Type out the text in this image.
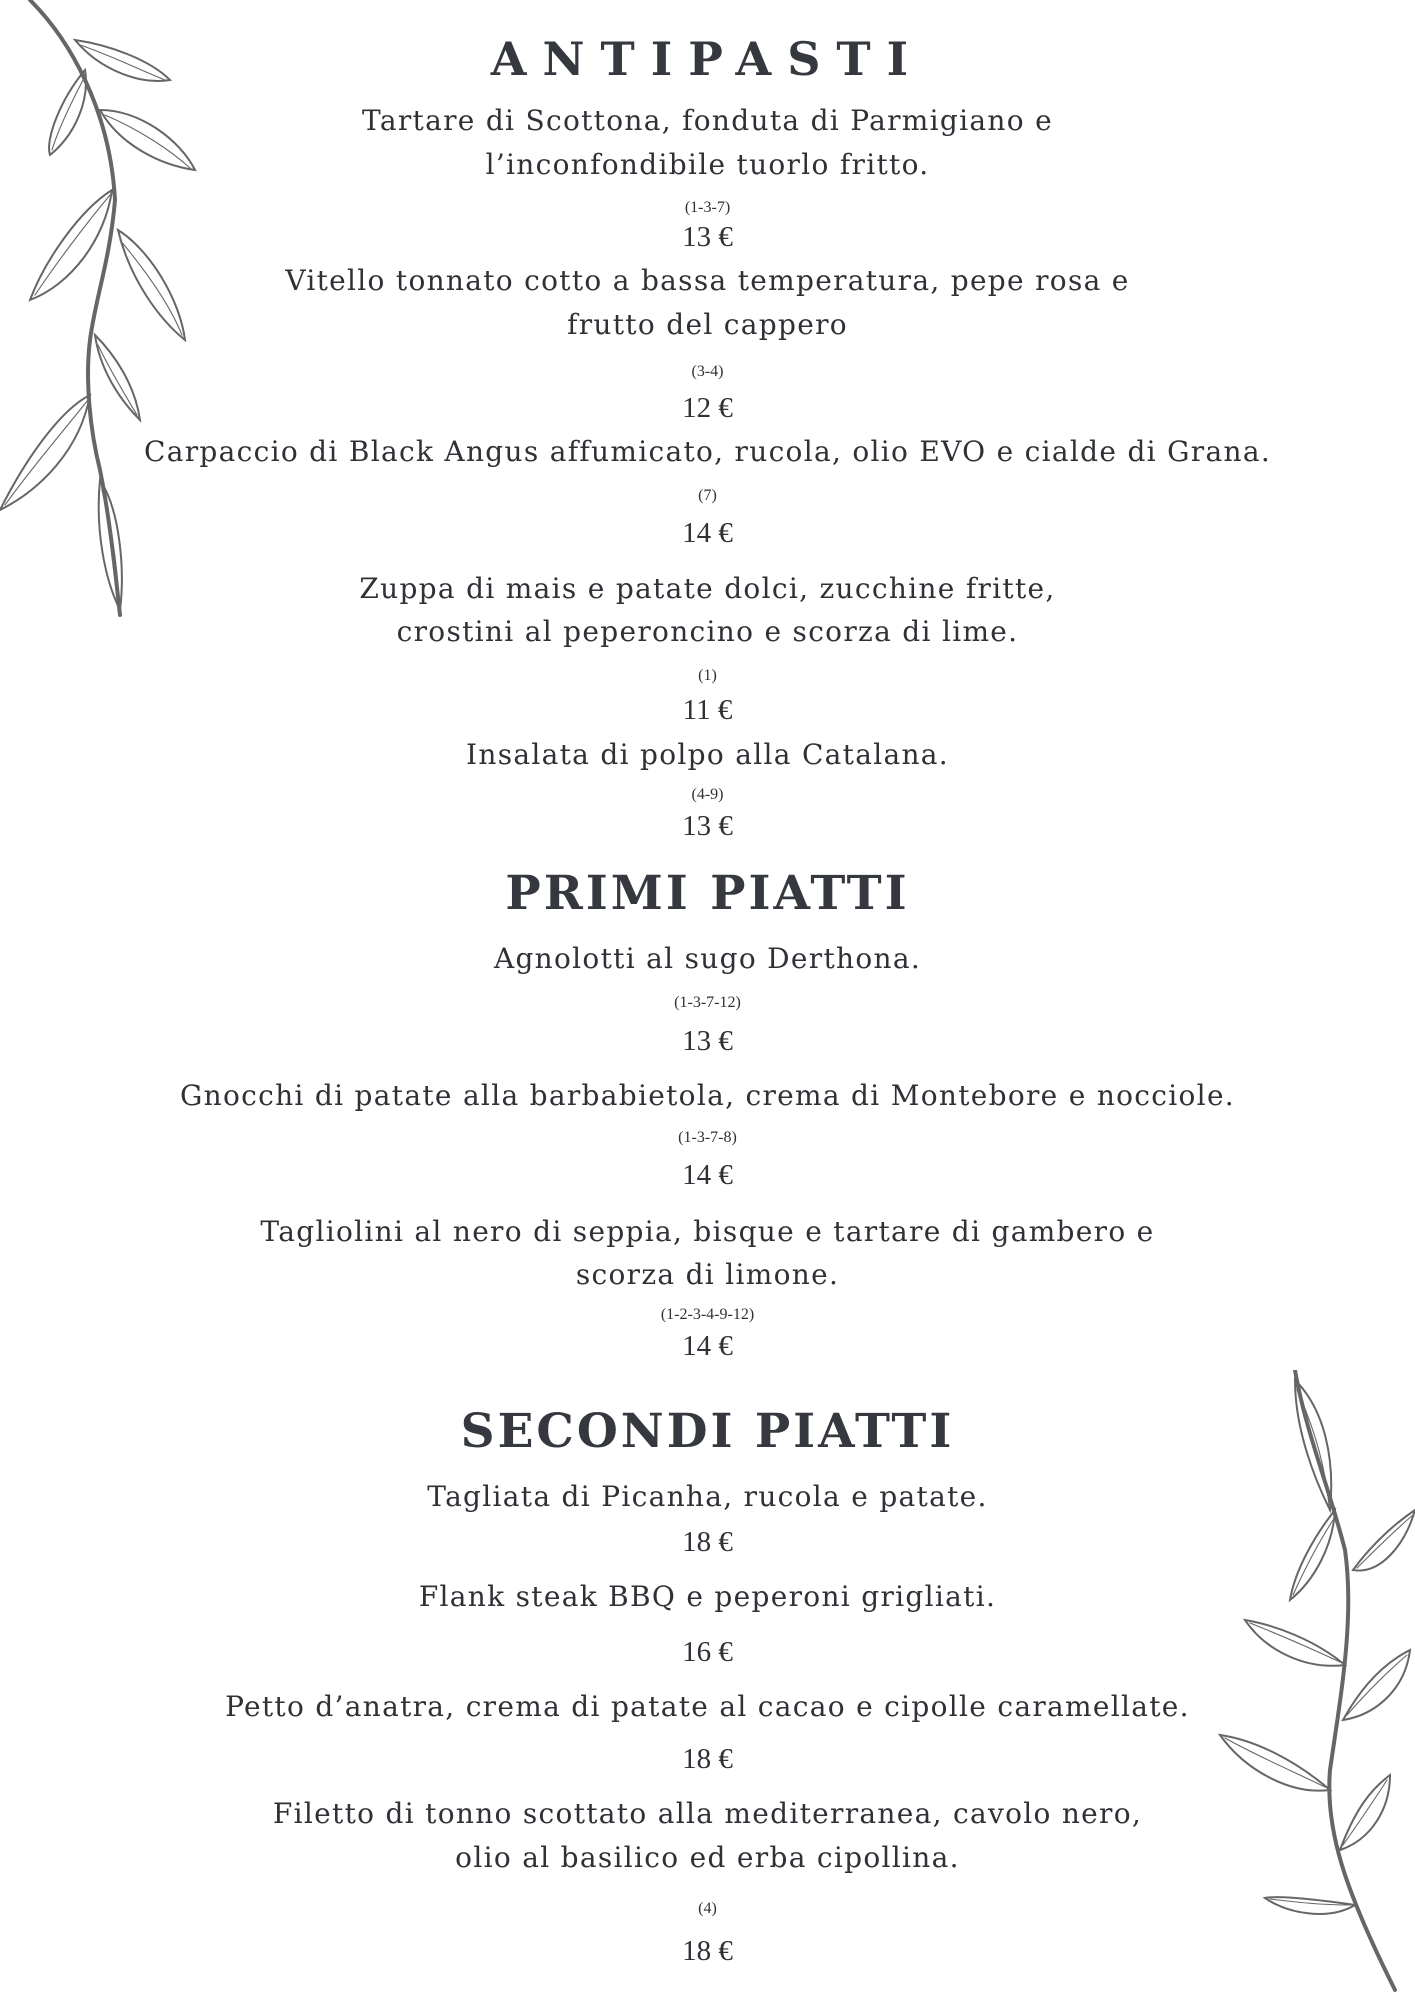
ANTIPASTI
Tartare di Scottona, fonduta di Parmigiano e
l’inconfondibile tuorlo fritto.
(1-3-7)
13 €
Vitello tonnato cotto a bassa temperatura, pepe rosa e
frutto del cappero
(3-4)
12 €
Carpaccio di Black Angus affumicato, rucola, olio EVO e cialde di Grana.
(7)
14 €
Zuppa di mais e patate dolci, zucchine fritte,
crostini al peperoncino e scorza di lime.
(1)
11 €
Insalata di polpo alla Catalana.
(4-9)
13 €
PRIMI PIATTI
Agnolotti al sugo Derthona.
(1-3-7-12)
13 €
Gnocchi di patate alla barbabietola, crema di Montebore e nocciole.
(1-3-7-8)
14 €
Tagliolini al nero di seppia, bisque e tartare di gambero e
scorza di limone.
(1-2-3-4-9-12)
14 €
SECONDI PIATTI
Tagliata di Picanha, rucola e patate.
18 €
Flank steak BBQ e peperoni grigliati.
16 €
Petto d’anatra, crema di patate al cacao e cipolle caramellate.
18 €
Filetto di tonno scottato alla mediterranea, cavolo nero,
olio al basilico ed erba cipollina.
(4)
18 €
